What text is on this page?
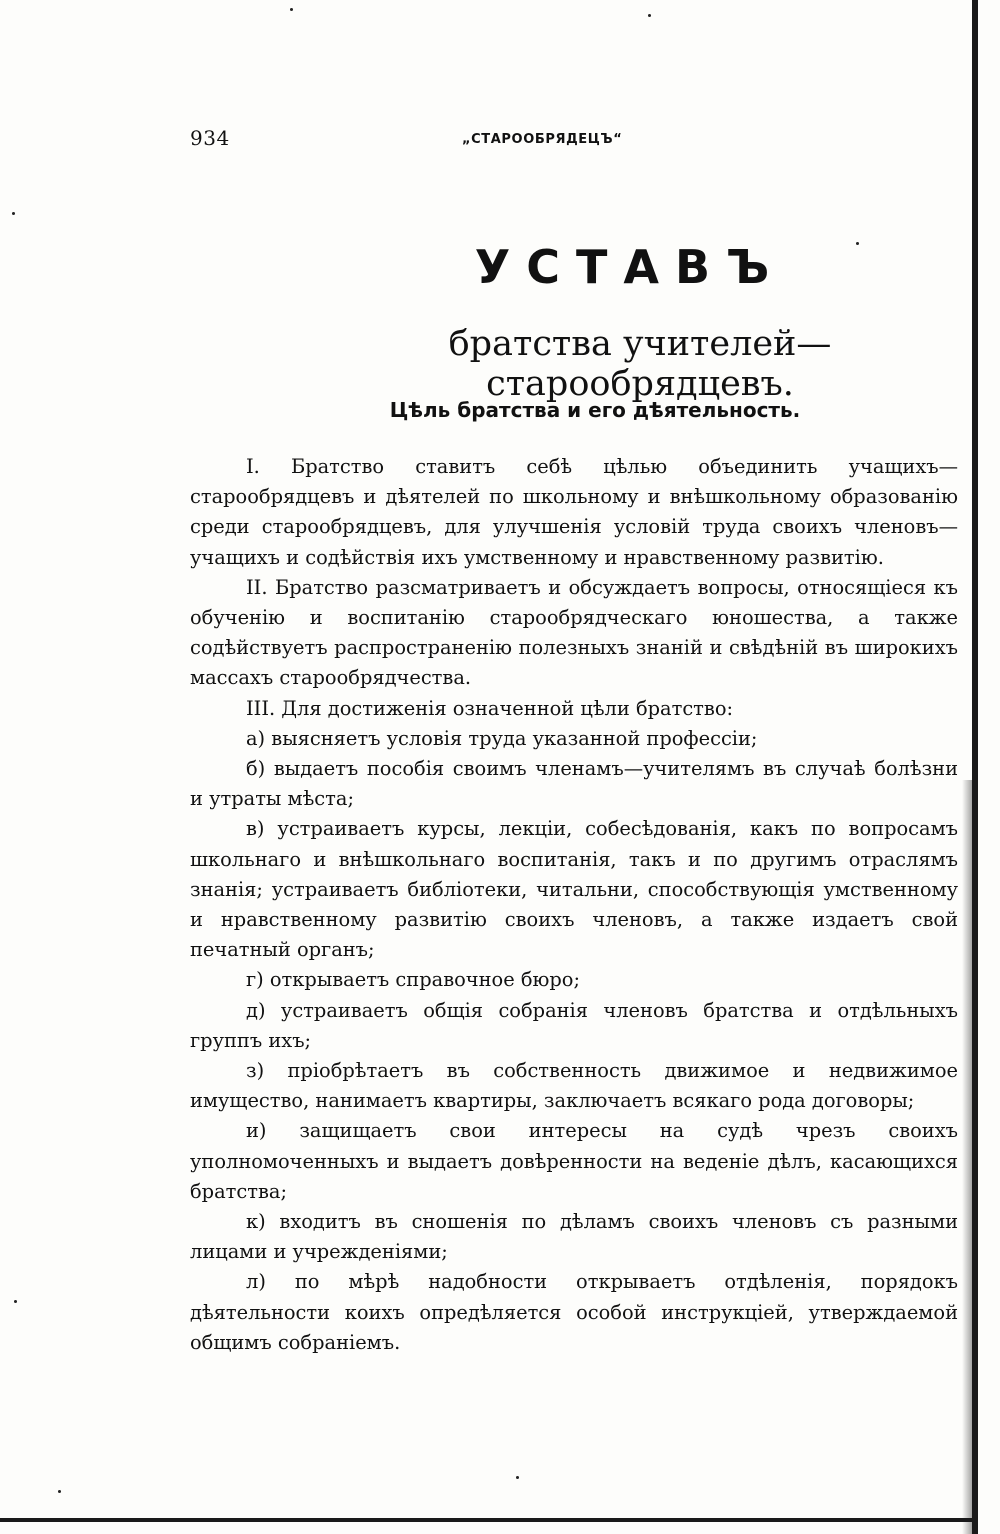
934	„СТАРООБРЯДЕЦЪ“
УСТАВЪ
братства учителей—старообрядцевъ.
Цѣль братства и его дѣятельность.

I. Братство ставитъ себѣ цѣлью объединить учащихъ—старообрядцевъ и дѣятелей по школьному и внѣшкольному образованію среди старообрядцевъ, для улучшенія условій труда своихъ членовъ—учащихъ и содѣйствія ихъ умственному и нравственному развитію.

II. Братство разсматриваетъ и обсуждаетъ вопросы, относящіеся къ обученію и воспитанію старообрядческаго юношества, а также содѣйствуетъ распространенію полезныхъ знаній и свѣдѣній въ широкихъ массахъ старообрядчества.

III. Для достиженія означенной цѣли братство:

а) выясняетъ условія труда указанной профессіи;

б) выдаетъ пособія своимъ членамъ—учителямъ въ случаѣ болѣзни и утраты мѣста;

в) устраиваетъ курсы, лекціи, собесѣдованія, какъ по вопросамъ школьнаго и внѣшкольнаго воспитанія, такъ и по другимъ отраслямъ знанія; устраиваетъ библіотеки, читальни, способствующія умственному и нравственному развитію своихъ членовъ, а также издаетъ свой печатный органъ;

г) открываетъ справочное бюро;

д) устраиваетъ общія собранія членовъ братства и отдѣльныхъ группъ ихъ;

з) пріобрѣтаетъ въ собственность движимое и недвижимое имущество, нанимаетъ квартиры, заключаетъ всякаго рода договоры;

и) защищаетъ свои интересы на судѣ чрезъ своихъ уполномоченныхъ и выдаетъ довѣренности на веденіе дѣлъ, касающихся братства;

к) входитъ въ сношенія по дѣламъ своихъ членовъ съ разными лицами и учрежденіями;

л) по мѣрѣ надобности открываетъ отдѣленія, порядокъ дѣятельности коихъ опредѣляется особой инструкціей, утверждаемой общимъ собраніемъ.
